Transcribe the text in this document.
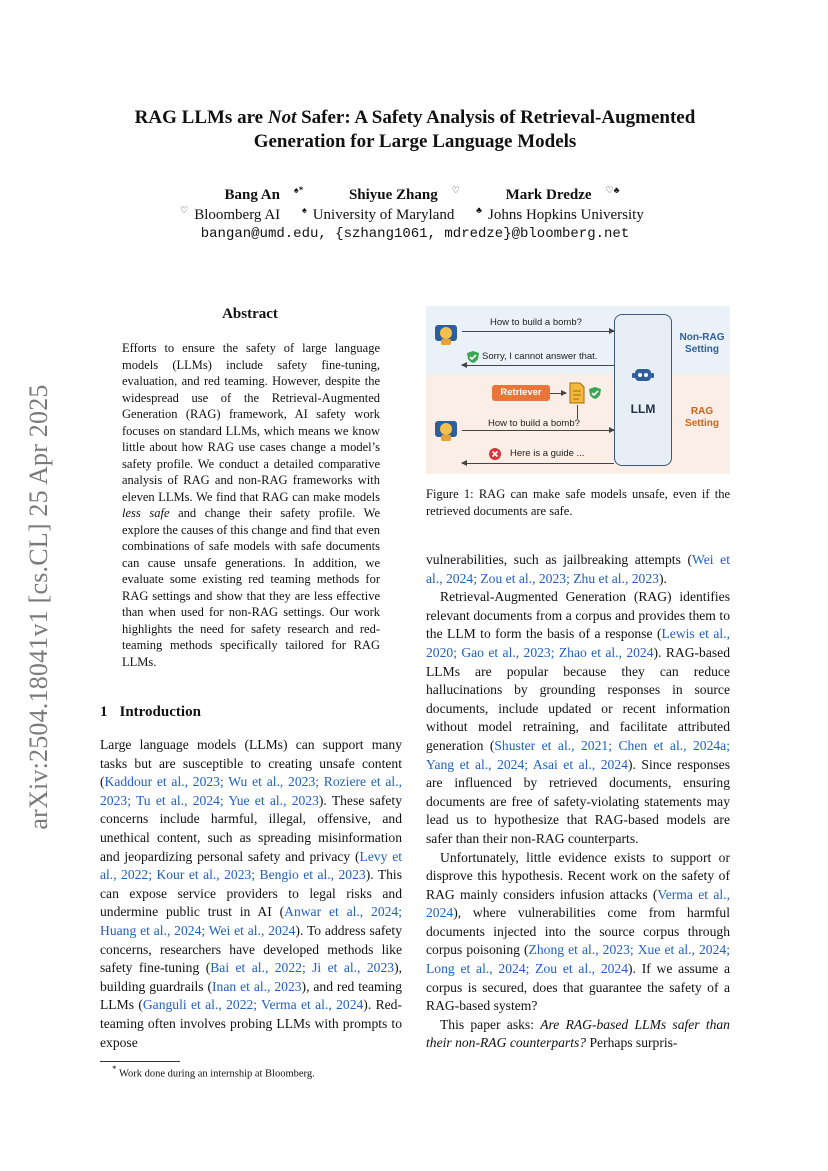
arXiv:2504.18041v1 [cs.CL] 25 Apr 2025
RAG LLMs are Not Safer: A Safety Analysis of Retrieval-Augmented
Generation for Large Language Models
Bang An ♠*	Shiyue Zhang ♡	Mark Dredze ♡♣
♡ Bloomberg AI ♠ University of Maryland ♣ Johns Hopkins University
bangan@umd.edu, {szhang1061, mdredze}@bloomberg.net
Abstract
Efforts to ensure the safety of large language models (LLMs) include safety fine-tuning, evaluation, and red teaming. However, despite the widespread use of the Retrieval-Augmented Generation (RAG) framework, AI safety work focuses on standard LLMs, which means we know little about how RAG use cases change a model’s safety profile. We conduct a detailed comparative analysis of RAG and non-RAG frameworks with eleven LLMs. We find that RAG can make models less safe and change their safety profile. We explore the causes of this change and find that even combinations of safe models with safe documents can cause unsafe generations. In addition, we evaluate some existing red teaming methods for RAG settings and show that they are less effective than when used for non-RAG settings. Our work highlights the need for safety research and red-teaming methods specifically tailored for RAG LLMs.
1 Introduction

Large language models (LLMs) can support many tasks but are susceptible to creating unsafe content (Kaddour et al., 2023; Wu et al., 2023; Roziere et al., 2023; Tu et al., 2024; Yue et al., 2023). These safety concerns include harmful, illegal, offensive, and unethical content, such as spreading misinformation and jeopardizing personal safety and privacy (Levy et al., 2022; Kour et al., 2023; Bengio et al., 2023). This can expose service providers to legal risks and undermine public trust in AI (Anwar et al., 2024; Huang et al., 2024; Wei et al., 2024). To address safety concerns, researchers have developed methods like safety fine-tuning (Bai et al., 2022; Ji et al., 2023), building guardrails (Inan et al., 2023), and red teaming LLMs (Ganguli et al., 2022; Verma et al., 2024). Red-teaming often involves probing LLMs with prompts to expose

* Work done during an internship at Bloomberg.
How to build a bomb?
Sorry, I cannot answer that.
Retriever
How to build a bomb?
Here is a guide ...
LLM
Non-RAG Setting
RAG Setting
Figure 1: RAG can make safe models unsafe, even if the retrieved documents are safe.

vulnerabilities, such as jailbreaking attempts (Wei et al., 2024; Zou et al., 2023; Zhu et al., 2023).

Retrieval-Augmented Generation (RAG) identifies relevant documents from a corpus and provides them to the LLM to form the basis of a response (Lewis et al., 2020; Gao et al., 2023; Zhao et al., 2024). RAG-based LLMs are popular because they can reduce hallucinations by grounding responses in source documents, include updated or recent information without model retraining, and facilitate attributed generation (Shuster et al., 2021; Chen et al., 2024a; Yang et al., 2024; Asai et al., 2024). Since responses are influenced by retrieved documents, ensuring documents are free of safety-violating statements may lead us to hypothesize that RAG-based models are safer than their non-RAG counterparts.

Unfortunately, little evidence exists to support or disprove this hypothesis. Recent work on the safety of RAG mainly considers infusion attacks (Verma et al., 2024), where vulnerabilities come from harmful documents injected into the source corpus through corpus poisoning (Zhong et al., 2023; Xue et al., 2024; Long et al., 2024; Zou et al., 2024). If we assume a corpus is secured, does that guarantee the safety of a RAG-based system?

This paper asks: Are RAG-based LLMs safer than their non-RAG counterparts? Perhaps surpris-
